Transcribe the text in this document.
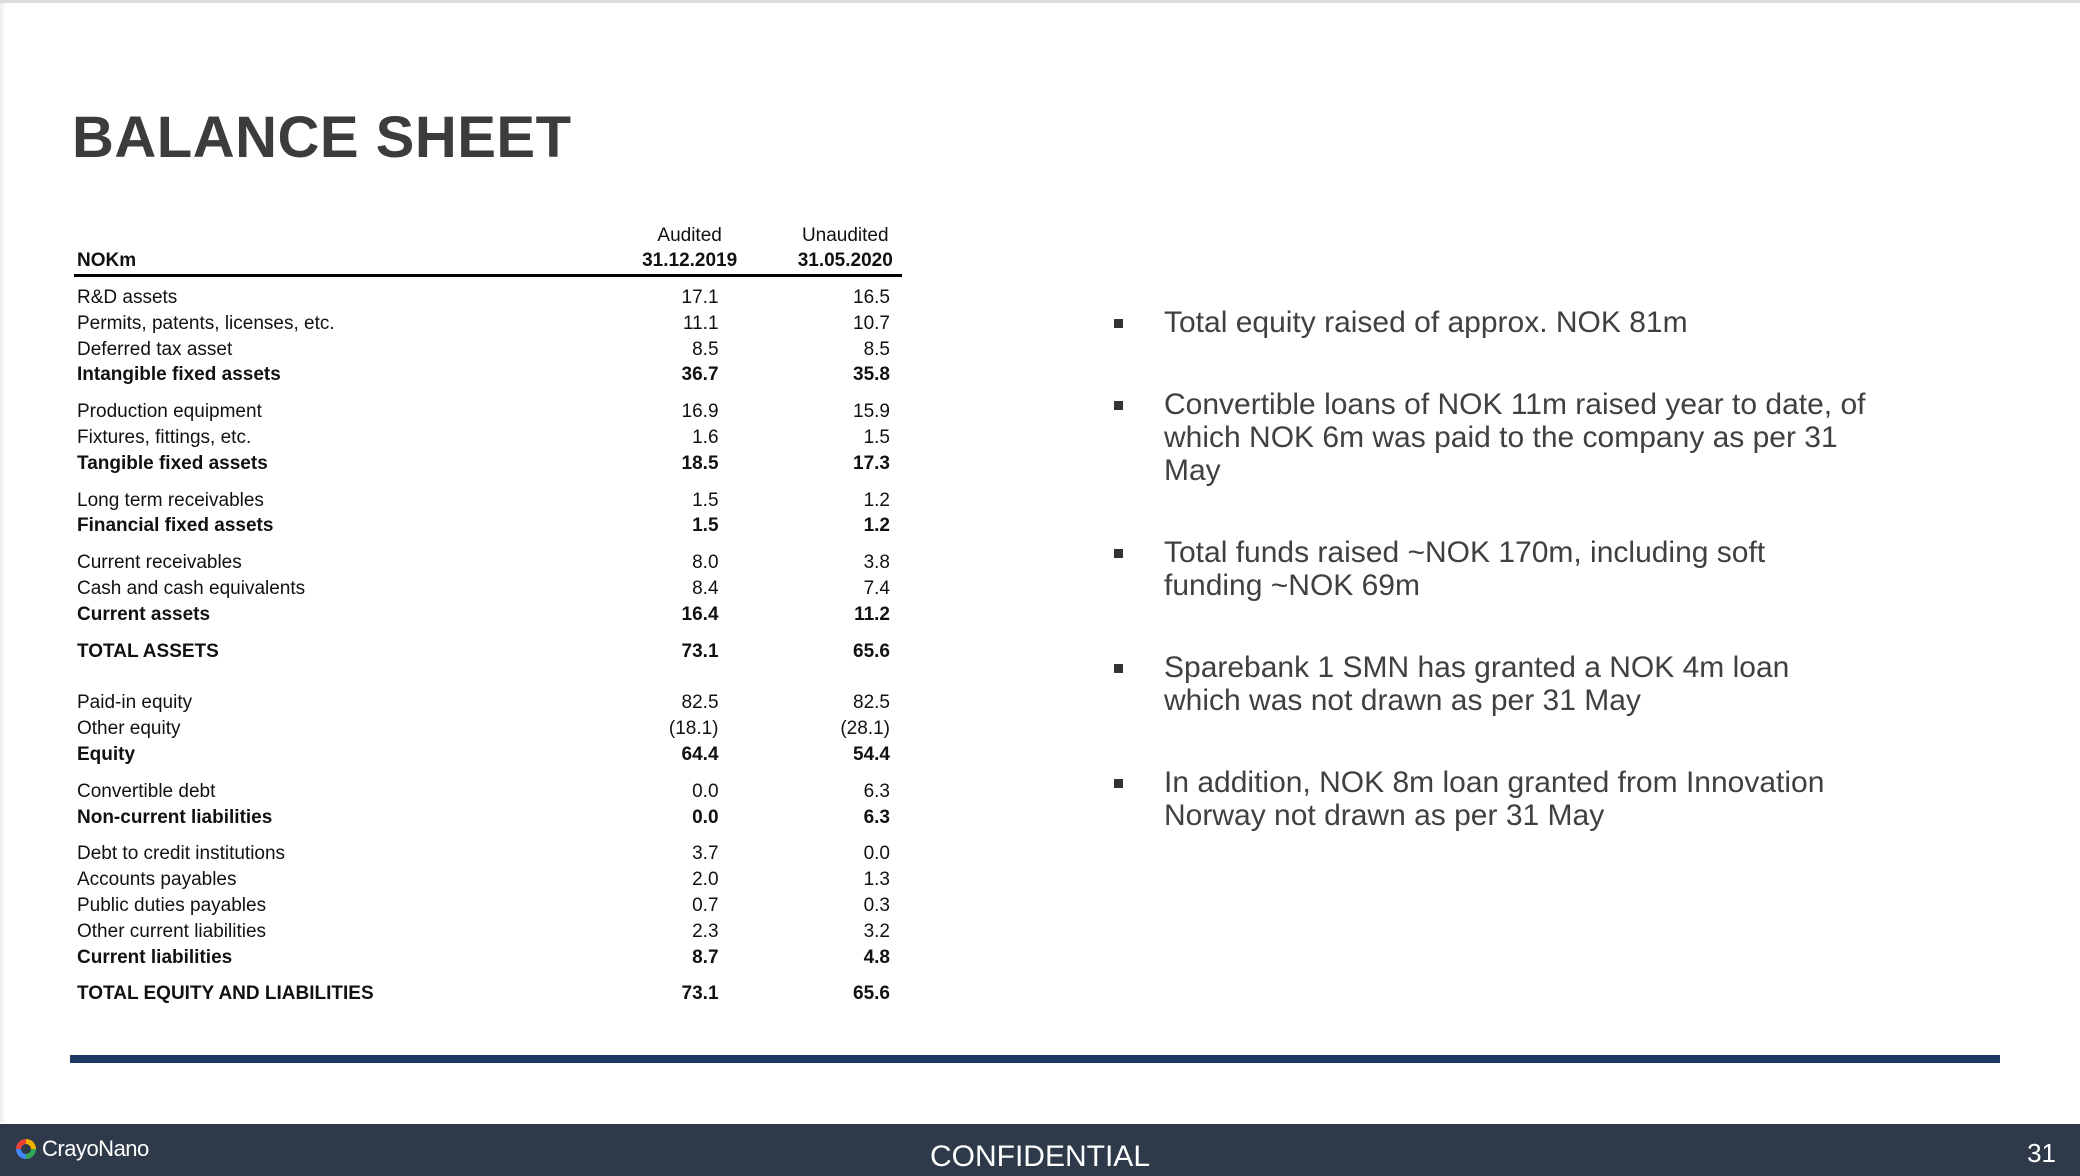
BALANCE SHEET
	Audited	Unaudited
NOKm	31.12.2019	31.05.2020
R&D assets	17.1	16.5
Permits, patents, licenses, etc.	11.1	10.7
Deferred tax asset	8.5	8.5
Intangible fixed assets	36.7	35.8
Production equipment	16.9	15.9
Fixtures, fittings, etc.	1.6	1.5
Tangible fixed assets	18.5	17.3
Long term receivables	1.5	1.2
Financial fixed assets	1.5	1.2
Current receivables	8.0	3.8
Cash and cash equivalents	8.4	7.4
Current assets	16.4	11.2
TOTAL ASSETS	73.1	65.6
Paid-in equity	82.5	82.5
Other equity	(18.1)	(28.1)
Equity	64.4	54.4
Convertible debt	0.0	6.3
Non-current liabilities	0.0	6.3
Debt to credit institutions	3.7	0.0
Accounts payables	2.0	1.3
Public duties payables	0.7	0.3
Other current liabilities	2.3	3.2
Current liabilities	8.7	4.8
TOTAL EQUITY AND LIABILITIES	73.1	65.6
Total equity raised of approx. NOK 81m
Convertible loans of NOK 11m raised year to date, of which NOK 6m was paid to the company as per 31 May
Total funds raised ~NOK 170m, including soft funding ~NOK 69m
Sparebank 1 SMN has granted a NOK 4m loan which was not drawn as per 31 May
In addition, NOK 8m loan granted from Innovation Norway not drawn as per 31 May
CrayoNano	CONFIDENTIAL	31
